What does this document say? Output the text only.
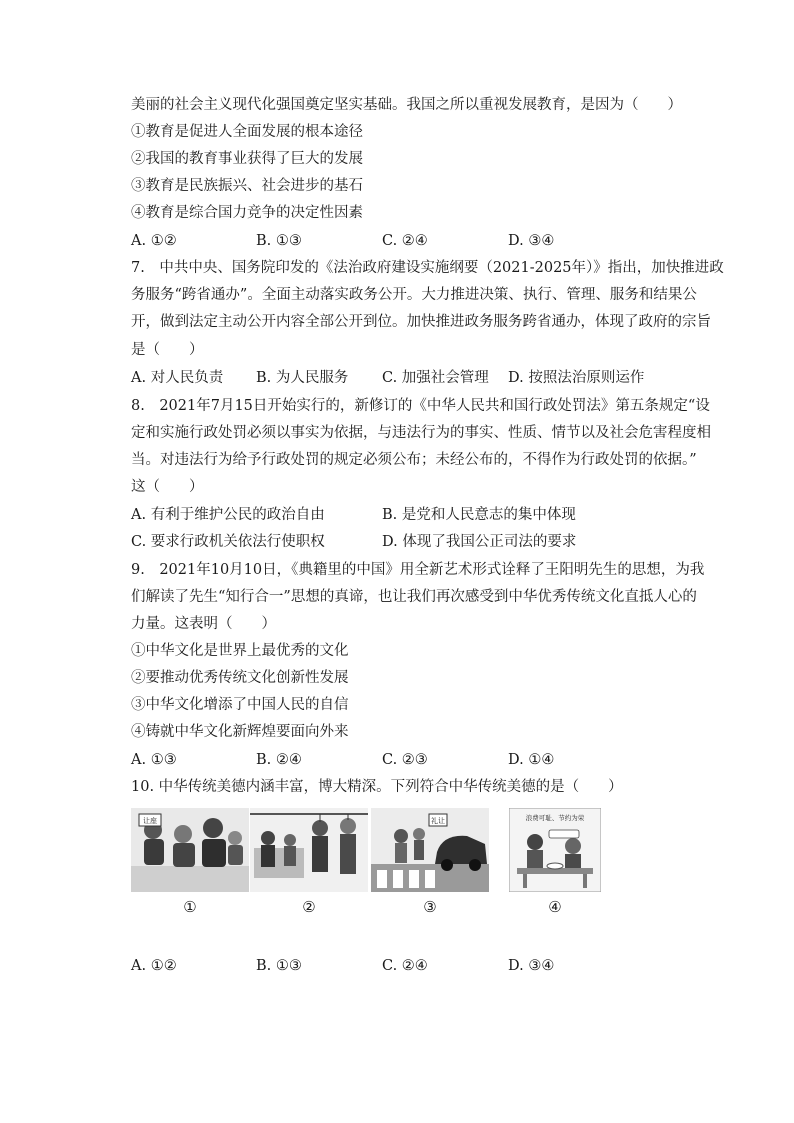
美丽的社会主义现代化强国奠定坚实基础。我国之所以重视发展教育，是因为（　　）
①教育是促进人全面发展的根本途径
②我国的教育事业获得了巨大的发展
③教育是民族振兴、社会进步的基石
④教育是综合国力竞争的决定性因素
A. ①②	B. ①③	C. ②④	D. ③④
7.　中共中央、国务院印发的《法治政府建设实施纲要（2021-2025年）》指出，加快推进政
务服务“跨省通办”。全面主动落实政务公开。大力推进决策、执行、管理、服务和结果公
开，做到法定主动公开内容全部公开到位。加快推进政务服务跨省通办，体现了政府的宗旨
是（　　）
A. 对人民负责 B. 为人民服务 C. 加强社会管理 D. 按照法治原则运作
8.　2021年7月15日开始实行的，新修订的《中华人民共和国行政处罚法》第五条规定“设
定和实施行政处罚必须以事实为依据，与违法行为的事实、性质、情节以及社会危害程度相
当。对违法行为给予行政处罚的规定必须公布；未经公布的，不得作为行政处罚的依据。”
这（　　）
A. 有利于维护公民的政治自由	B. 是党和人民意志的集中体现
C. 要求行政机关依法行使职权	D. 体现了我国公正司法的要求
9.　2021年10月10日，《典籍里的中国》用全新艺术形式诠释了王阳明先生的思想，为我
们解读了先生“知行合一”思想的真谛，也让我们再次感受到中华优秀传统文化直抵人心的
力量。这表明（　　）
①中华文化是世界上最优秀的文化
②要推动优秀传统文化创新性发展
③中华文化增添了中国人民的自信
④铸就中华文化新辉煌要面向外来
A. ①③	B. ②④	C. ②③	D. ①④
10. 中华传统美德内涵丰富，博大精深。下列符合中华传统美德的是（　　）
让座
①	②
礼让
③
浪费可耻、节约为荣
④
A. ①②	B. ①③	C. ②④	D. ③④
